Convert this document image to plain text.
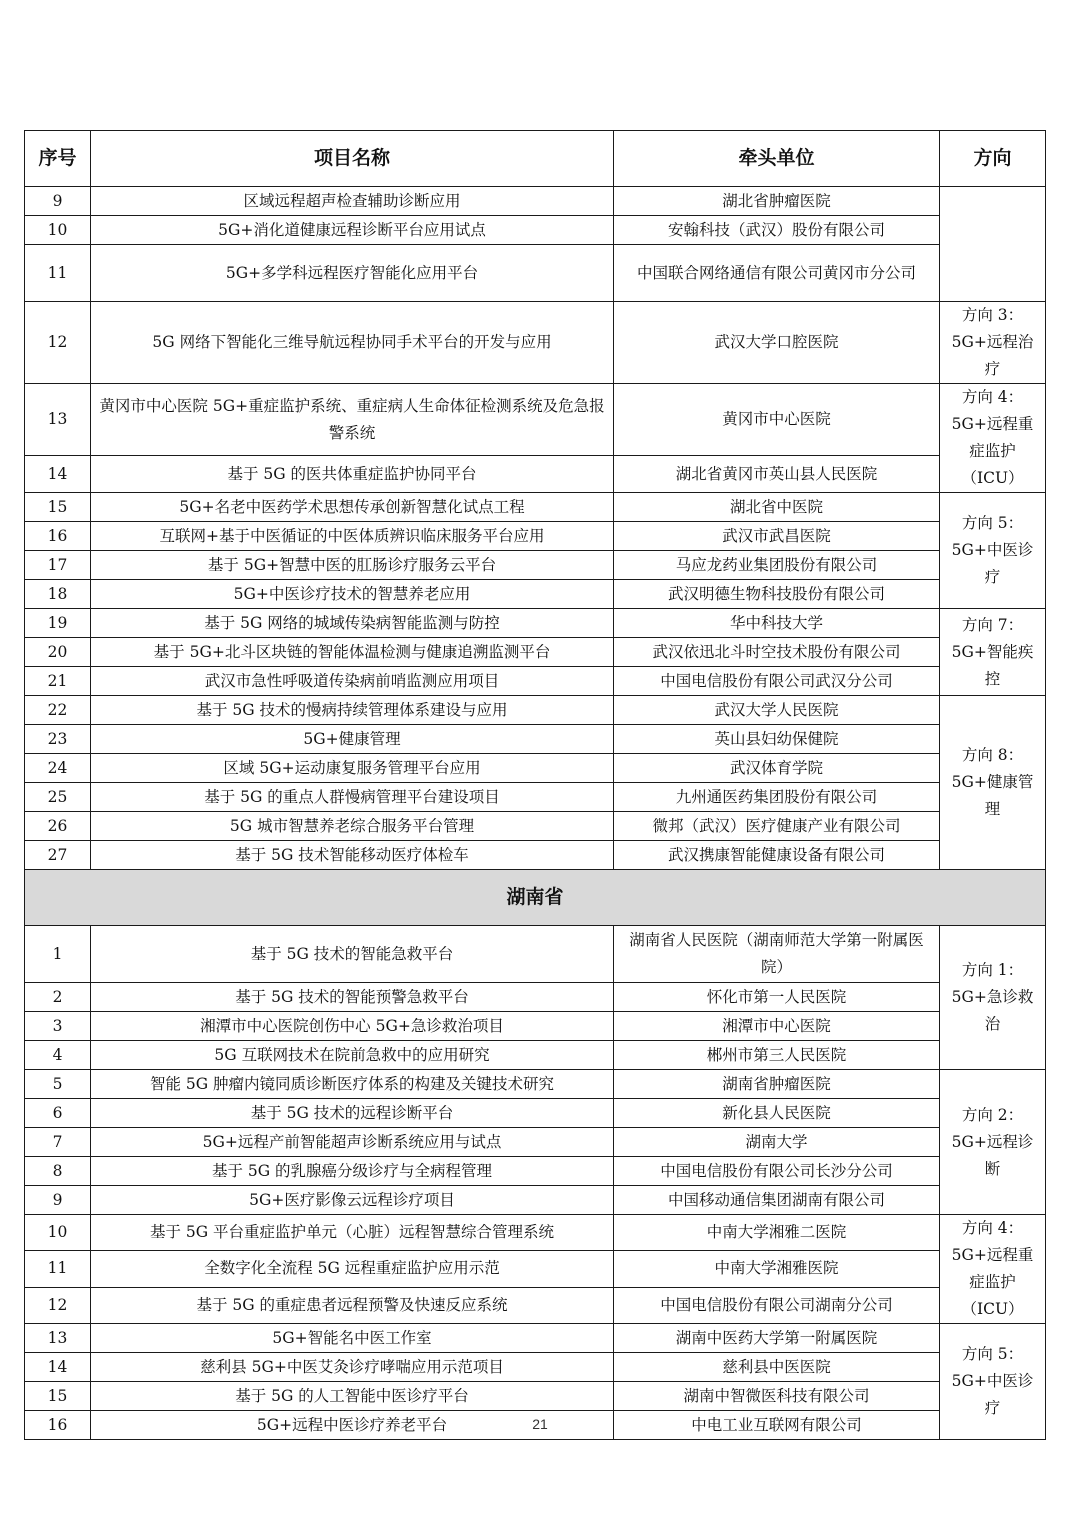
序号	项目名称	牵头单位	方向
9	区域远程超声检查辅助诊断应用	湖北省肿瘤医院	
10	5G+消化道健康远程诊断平台应用试点	安翰科技（武汉）股份有限公司	
11	5G+多学科远程医疗智能化应用平台	中国联合网络通信有限公司黄冈市分公司	
12	5G 网络下智能化三维导航远程协同手术平台的开发与应用	武汉大学口腔医院	方向 3：5G+远程治疗
13	黄冈市中心医院 5G+重症监护系统、重症病人生命体征检测系统及危急报警系统	黄冈市中心医院	方向 4：5G+远程重症监护（ICU）
14	基于 5G 的医共体重症监护协同平台	湖北省黄冈市英山县人民医院	
15	5G+名老中医药学术思想传承创新智慧化试点工程	湖北省中医院	方向 5：5G+中医诊疗
16	互联网+基于中医循证的中医体质辨识临床服务平台应用	武汉市武昌医院	
17	基于 5G+智慧中医的肛肠诊疗服务云平台	马应龙药业集团股份有限公司	
18	5G+中医诊疗技术的智慧养老应用	武汉明德生物科技股份有限公司	
19	基于 5G 网络的城域传染病智能监测与防控	华中科技大学	方向 7：5G+智能疾控
20	基于 5G+北斗区块链的智能体温检测与健康追溯监测平台	武汉依迅北斗时空技术股份有限公司	
21	武汉市急性呼吸道传染病前哨监测应用项目	中国电信股份有限公司武汉分公司	
22	基于 5G 技术的慢病持续管理体系建设与应用	武汉大学人民医院	方向 8：5G+健康管理
23	5G+健康管理	英山县妇幼保健院	
24	区域 5G+运动康复服务管理平台应用	武汉体育学院	
25	基于 5G 的重点人群慢病管理平台建设项目	九州通医药集团股份有限公司	
26	5G 城市智慧养老综合服务平台管理	微邦（武汉）医疗健康产业有限公司	
27	基于 5G 技术智能移动医疗体检车	武汉携康智能健康设备有限公司	
湖南省			
1	基于 5G 技术的智能急救平台	湖南省人民医院（湖南师范大学第一附属医院）	方向 1：5G+急诊救治
2	基于 5G 技术的智能预警急救平台	怀化市第一人民医院	
3	湘潭市中心医院创伤中心 5G+急诊救治项目	湘潭市中心医院	
4	5G 互联网技术在院前急救中的应用研究	郴州市第三人民医院	
5	智能 5G 肿瘤内镜同质诊断医疗体系的构建及关键技术研究	湖南省肿瘤医院	方向 2：5G+远程诊断
6	基于 5G 技术的远程诊断平台	新化县人民医院	
7	5G+远程产前智能超声诊断系统应用与试点	湖南大学	
8	基于 5G 的乳腺癌分级诊疗与全病程管理	中国电信股份有限公司长沙分公司	
9	5G+医疗影像云远程诊疗项目	中国移动通信集团湖南有限公司	
10	基于 5G 平台重症监护单元（心脏）远程智慧综合管理系统	中南大学湘雅二医院	方向 4：5G+远程重症监护（ICU）
11	全数字化全流程 5G 远程重症监护应用示范	中南大学湘雅医院	
12	基于 5G 的重症患者远程预警及快速反应系统	中国电信股份有限公司湖南分公司	
13	5G+智能名中医工作室	湖南中医药大学第一附属医院	方向 5：5G+中医诊疗
14	慈利县 5G+中医艾灸诊疗哮喘应用示范项目	慈利县中医医院	
15	基于 5G 的人工智能中医诊疗平台	湖南中智微医科技有限公司	
16	5G+远程中医诊疗养老平台	中电工业互联网有限公司	
21
